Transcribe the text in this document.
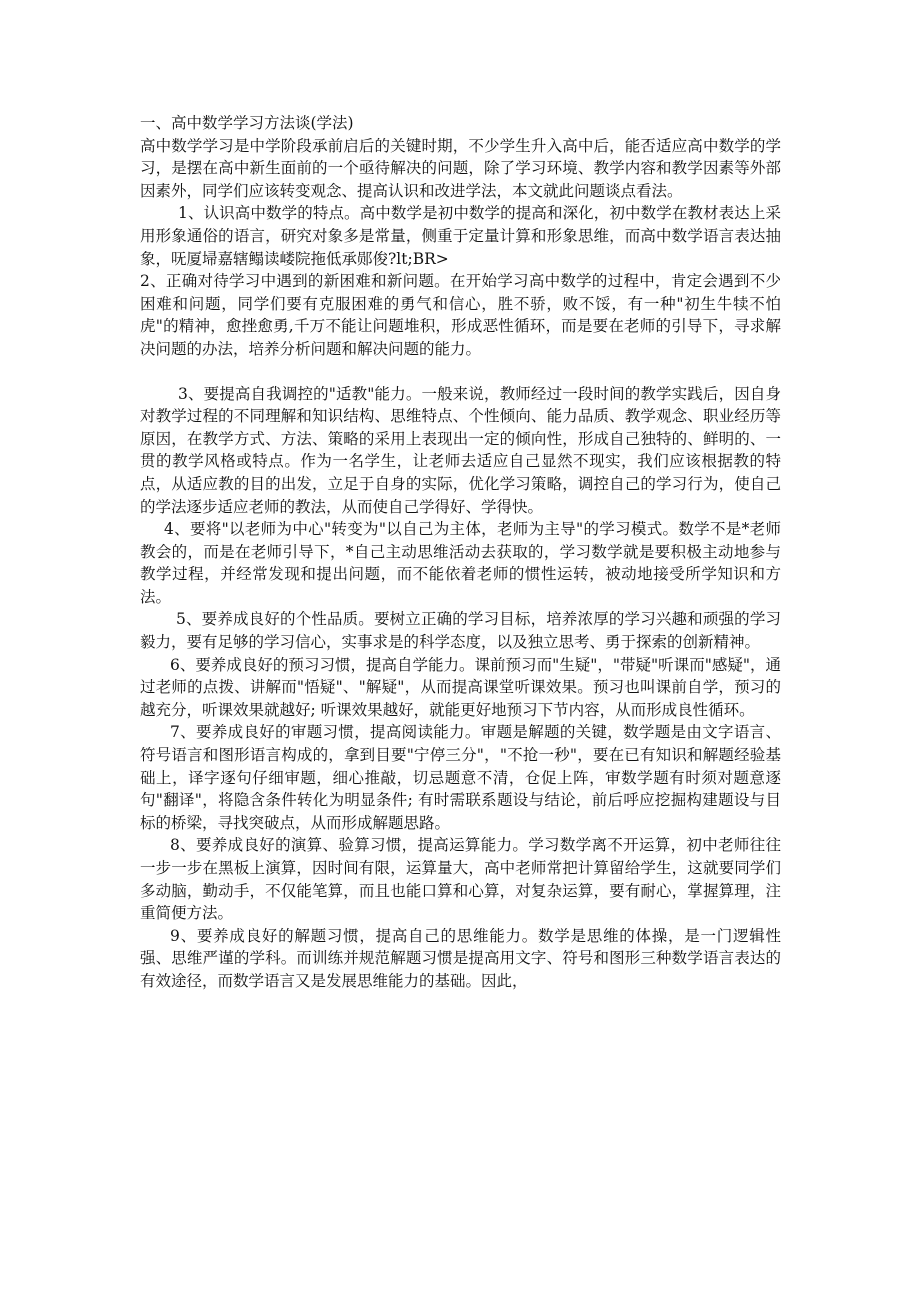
一、高中数学学习方法谈(学法)

高中数学学习是中学阶段承前启后的关键时期，不少学生升入高中后，能否适应高中数学的学习，是摆在高中新生面前的一个亟待解决的问题，除了学习环境、教学内容和教学因素等外部因素外，同学们应该转变观念、提高认识和改进学法，本文就此问题谈点看法。

1、认识高中数学的特点。高中数学是初中数学的提高和深化，初中数学在教材表达上采用形象通俗的语言，研究对象多是常量，侧重于定量计算和形象思维，而高中数学语言表达抽象，呒厦埽嘉辖鳎读嵝院拖低承郧俊?lt;BR>

2、正确对待学习中遇到的新困难和新问题。在开始学习高中数学的过程中，肯定会遇到不少困难和问题，同学们要有克服困难的勇气和信心，胜不骄，败不馁，有一种"初生牛犊不怕虎"的精神，愈挫愈勇,千万不能让问题堆积，形成恶性循环，而是要在老师的引导下，寻求解决问题的办法，培养分析问题和解决问题的能力。

3、要提高自我调控的"适教"能力。一般来说，教师经过一段时间的教学实践后，因自身对教学过程的不同理解和知识结构、思维特点、个性倾向、能力品质、教学观念、职业经历等原因，在教学方式、方法、策略的采用上表现出一定的倾向性，形成自己独特的、鲜明的、一贯的教学风格或特点。作为一名学生，让老师去适应自己显然不现实，我们应该根据教的特点，从适应教的目的出发，立足于自身的实际，优化学习策略，调控自己的学习行为，使自己的学法逐步适应老师的教法，从而使自己学得好、学得快。

4、要将"以老师为中心"转变为"以自己为主体，老师为主导"的学习模式。数学不是*老师教会的，而是在老师引导下，*自己主动思维活动去获取的，学习数学就是要积极主动地参与教学过程，并经常发现和提出问题，而不能依着老师的惯性运转，被动地接受所学知识和方法。

5、要养成良好的个性品质。要树立正确的学习目标，培养浓厚的学习兴趣和顽强的学习毅力，要有足够的学习信心，实事求是的科学态度，以及独立思考、勇于探索的创新精神。

6、要养成良好的预习习惯，提高自学能力。课前预习而"生疑"，"带疑"听课而"感疑"，通过老师的点拨、讲解而"悟疑"、"解疑"，从而提高课堂听课效果。预习也叫课前自学，预习的越充分，听课效果就越好; 听课效果越好，就能更好地预习下节内容，从而形成良性循环。

7、要养成良好的审题习惯，提高阅读能力。审题是解题的关键，数学题是由文字语言、符号语言和图形语言构成的，拿到目要"宁停三分"，"不抢一秒"，要在已有知识和解题经验基础上，译字逐句仔细审题，细心推敲，切忌题意不清，仓促上阵，审数学题有时须对题意逐句"翻译"，将隐含条件转化为明显条件; 有时需联系题设与结论，前后呼应挖掘构建题设与目标的桥梁，寻找突破点，从而形成解题思路。

8、要养成良好的演算、验算习惯，提高运算能力。学习数学离不开运算，初中老师往往一步一步在黑板上演算，因时间有限，运算量大，高中老师常把计算留给学生，这就要同学们多动脑，勤动手，不仅能笔算，而且也能口算和心算，对复杂运算，要有耐心，掌握算理，注重简便方法。

9、要养成良好的解题习惯，提高自己的思维能力。数学是思维的体操，是一门逻辑性强、思维严谨的学科。而训练并规范解题习惯是提高用文字、符号和图形三种数学语言表达的有效途径，而数学语言又是发展思维能力的基础。因此，
